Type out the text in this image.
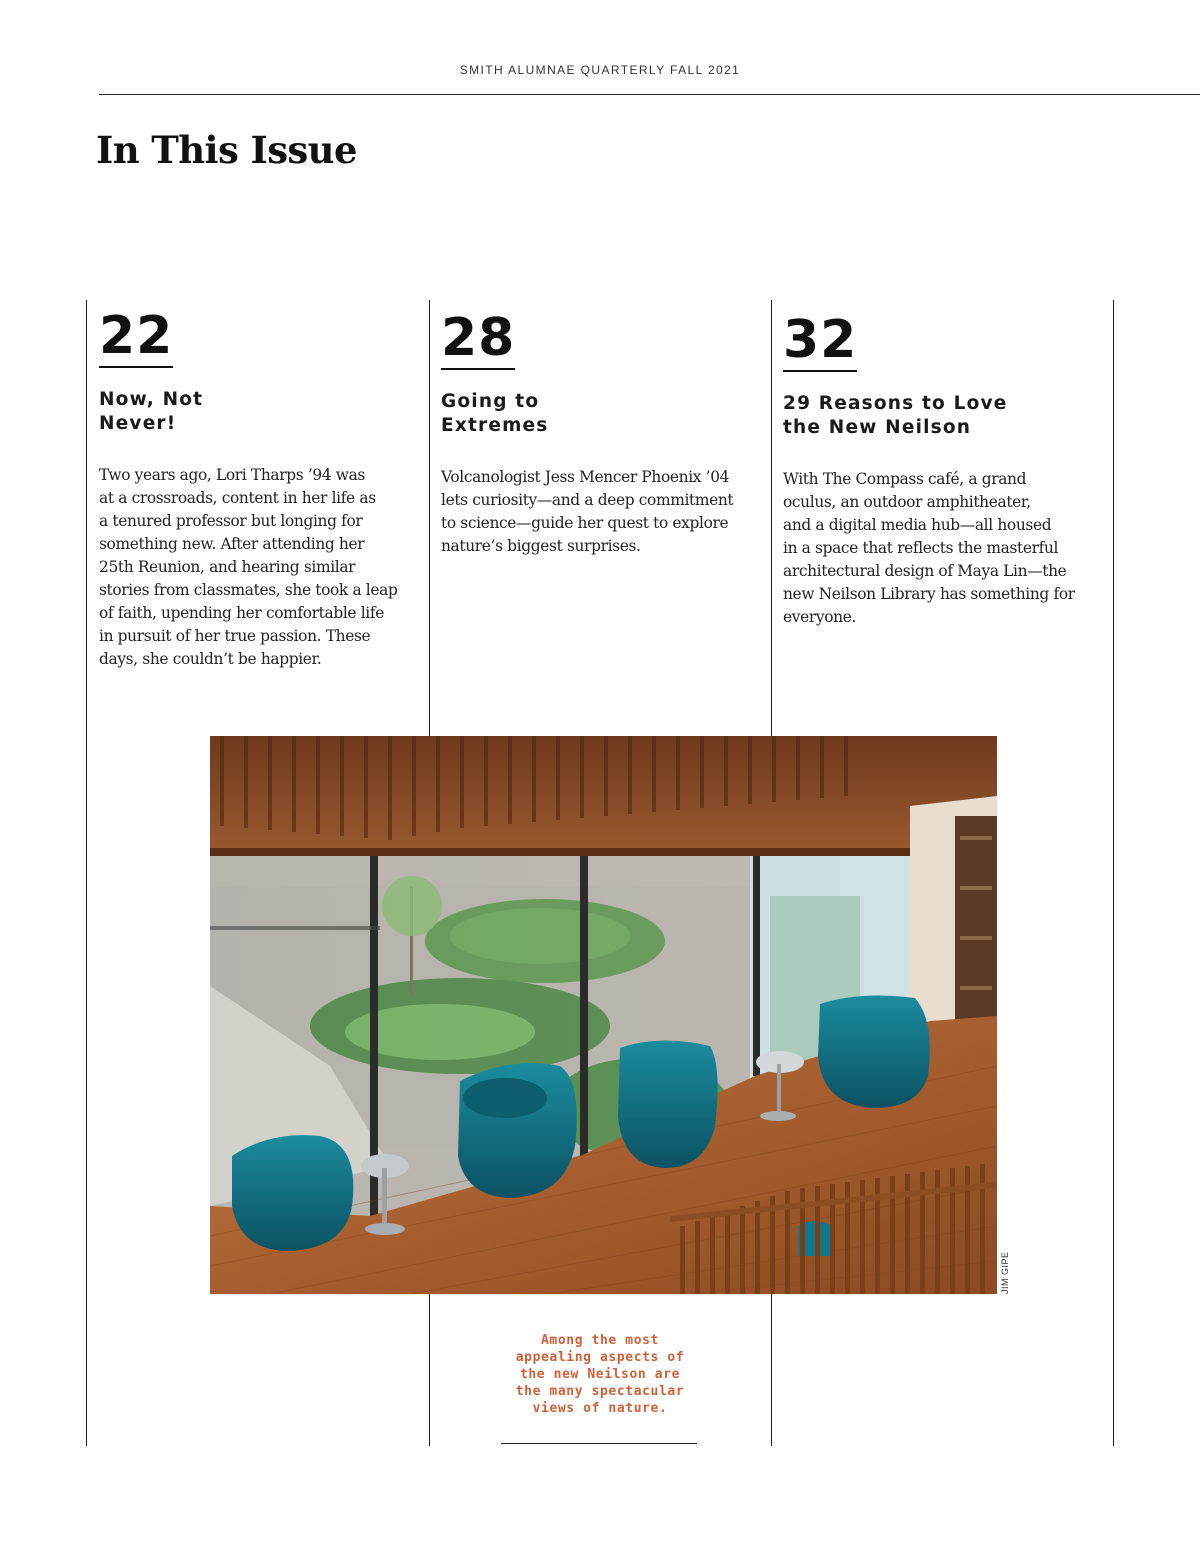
SMITH ALUMNAE QUARTERLY FALL 2021
In This Issue
22
Now, Not
Never!
Two years ago, Lori Tharps ’94 was
at a crossroads, content in her life as
a tenured professor but longing for
something new. After attending her
25th Reunion, and hearing similar
stories from classmates, she took a leap
of faith, upending her comfortable life
in pursuit of her true passion. These
days, she couldn’t be happier.
28
Going to
Extremes
Volcanologist Jess Mencer Phoenix ’04
lets curiosity—and a deep commitment
to science—guide her quest to explore
nature’s biggest surprises.
32
29 Reasons to Love
the New Neilson
With The Compass café, a grand
oculus, an outdoor amphitheater,
and a digital media hub—all housed
in a space that reflects the masterful
architectural design of Maya Lin—the
new Neilson Library has something for
everyone.
JIM GIPE
Among the most
appealing aspects of
the new Neilson are
the many spectacular
views of nature.
